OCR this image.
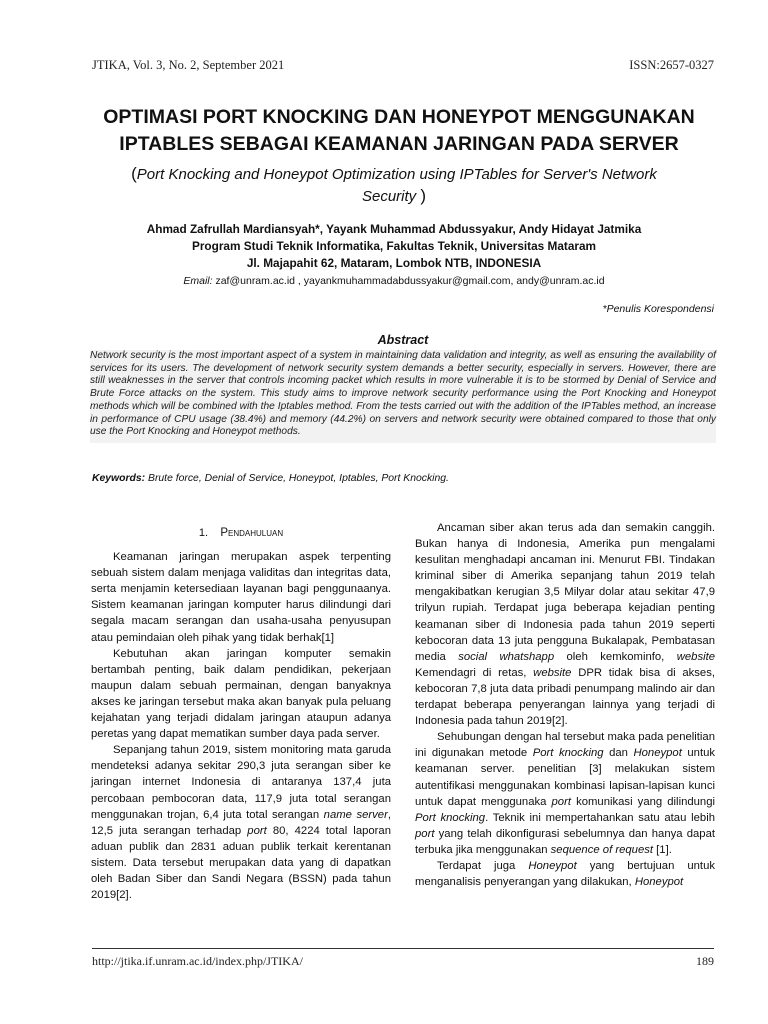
JTIKA, Vol. 3, No. 2, September 2021	ISSN:2657-0327
OPTIMASI PORT KNOCKING DAN HONEYPOT MENGGUNAKAN
IPTABLES SEBAGAI KEAMANAN JARINGAN PADA SERVER
(Port Knocking and Honeypot Optimization using IPTables for Server's Network
Security )
Ahmad Zafrullah Mardiansyah*, Yayank Muhammad Abdussyakur, Andy Hidayat Jatmika
Program Studi Teknik Informatika, Fakultas Teknik, Universitas Mataram
Jl. Majapahit 62, Mataram, Lombok NTB, INDONESIA
Email: zaf@unram.ac.id , yayankmuhammadabdussyakur@gmail.com, andy@unram.ac.id
*Penulis Korespondensi
Abstract
Network security is the most important aspect of a system in maintaining data validation and integrity, as well as ensuring the availability of services for its users. The development of network security system demands a better security, especially in servers. However, there are still weaknesses in the server that controls incoming packet which results in more vulnerable it is to be stormed by Denial of Service and Brute Force attacks on the system. This study aims to improve network security performance using the Port Knocking and Honeypot methods which will be combined with the Iptables method. From the tests carried out with the addition of the IPTables method, an increase in performance of CPU usage (38.4%) and memory (44.2%) on servers and network security were obtained compared to those that only use the Port Knocking and Honeypot methods.
Keywords: Brute force, Denial of Service, Honeypot, Iptables, Port Knocking.
1. Pendahuluan

Keamanan jaringan merupakan aspek terpenting sebuah sistem dalam menjaga validitas dan integritas data, serta menjamin ketersediaan layanan bagi penggunaanya. Sistem keamanan jaringan komputer harus dilindungi dari segala macam serangan dan usaha-usaha penyusupan atau pemindaian oleh pihak yang tidak berhak[1]

Kebutuhan akan jaringan komputer semakin bertambah penting, baik dalam pendidikan, pekerjaan maupun dalam sebuah permainan, dengan banyaknya akses ke jaringan tersebut maka akan banyak pula peluang kejahatan yang terjadi didalam jaringan ataupun adanya peretas yang dapat mematikan sumber daya pada server.

Sepanjang tahun 2019, sistem monitoring mata garuda mendeteksi adanya sekitar 290,3 juta serangan siber ke jaringan internet Indonesia di antaranya 137,4 juta percobaan pembocoran data, 117,9 juta total serangan menggunakan trojan, 6,4 juta total serangan name server, 12,5 juta serangan terhadap port 80, 4224 total laporan aduan publik dan 2831 aduan publik terkait kerentanan sistem. Data tersebut merupakan data yang di dapatkan oleh Badan Siber dan Sandi Negara (BSSN) pada tahun 2019[2].

Ancaman siber akan terus ada dan semakin canggih. Bukan hanya di Indonesia, Amerika pun mengalami kesulitan menghadapi ancaman ini. Menurut FBI. Tindakan kriminal siber di Amerika sepanjang tahun 2019 telah mengakibatkan kerugian 3,5 Milyar dolar atau sekitar 47,9 trilyun rupiah. Terdapat juga beberapa kejadian penting keamanan siber di Indonesia pada tahun 2019 seperti kebocoran data 13 juta pengguna Bukalapak, Pembatasan media social whatshapp oleh kemkominfo, website Kemendagri di retas, website DPR tidak bisa di akses, kebocoran 7,8 juta data pribadi penumpang malindo air dan terdapat beberapa penyerangan lainnya yang terjadi di Indonesia pada tahun 2019[2].

Sehubungan dengan hal tersebut maka pada penelitian ini digunakan metode Port knocking dan Honeypot untuk keamanan server. penelitian [3] melakukan sistem autentifikasi menggunakan kombinasi lapisan-lapisan kunci untuk dapat menggunaka port komunikasi yang dilindungi Port knocking. Teknik ini mempertahankan satu atau lebih port yang telah dikonfigurasi sebelumnya dan hanya dapat terbuka jika menggunakan sequence of request [1].

Terdapat juga Honeypot yang bertujuan untuk menganalisis penyerangan yang dilakukan, Honeypot

http://jtika.if.unram.ac.id/index.php/JTIKA/	189
